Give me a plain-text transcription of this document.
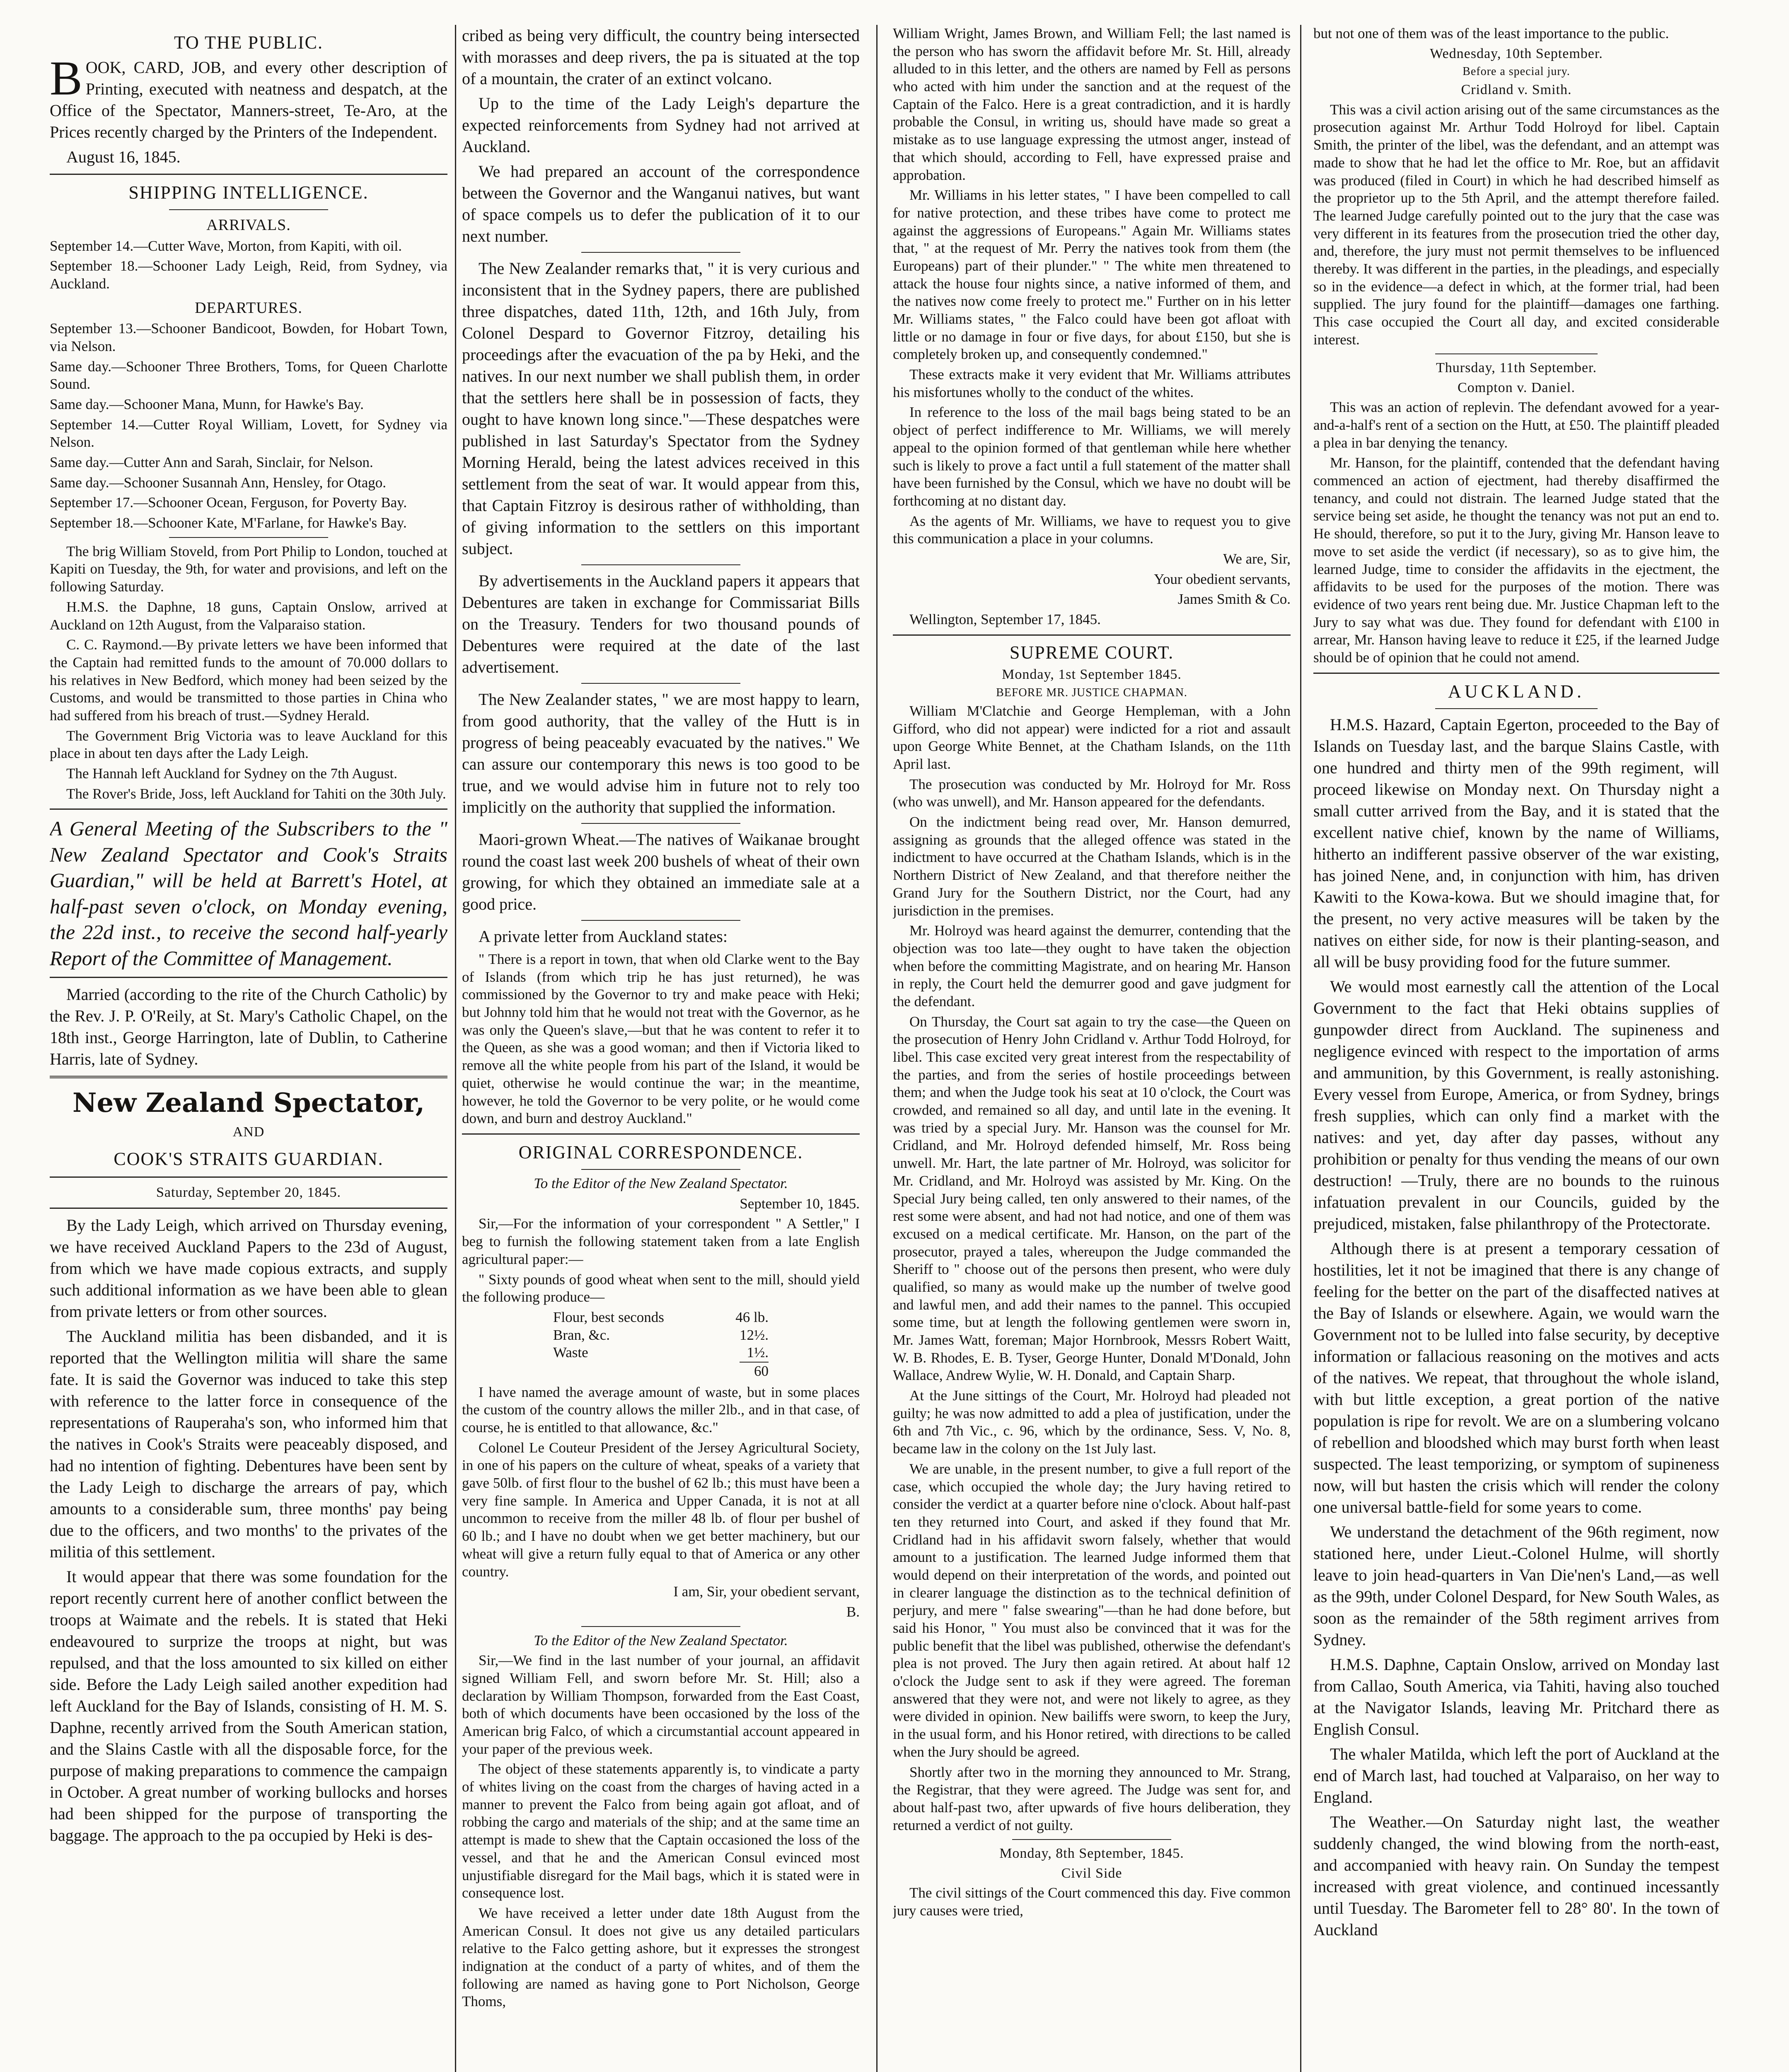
TO THE PUBLIC.
B OOK, CARD, JOB, and every other description of Printing, executed with neatness and despatch, at the Office of the Spectator, Manners-street, Te-Aro, at the Prices recently charged by the Printers of the Independent.

August 16, 1845.

SHIPPING INTELLIGENCE.
ARRIVALS.

September 14.—Cutter Wave, Morton, from Kapiti, with oil.

September 18.—Schooner Lady Leigh, Reid, from Sydney, via Auckland.

DEPARTURES.

September 13.—Schooner Bandicoot, Bowden, for Hobart Town, via Nelson.

Same day.—Schooner Three Brothers, Toms, for Queen Charlotte Sound.

Same day.—Schooner Mana, Munn, for Hawke's Bay.

September 14.—Cutter Royal William, Lovett, for Sydney via Nelson.

Same day.—Cutter Ann and Sarah, Sinclair, for Nelson.

Same day.—Schooner Susannah Ann, Hensley, for Otago.

September 17.—Schooner Ocean, Ferguson, for Poverty Bay.

September 18.—Schooner Kate, M'Farlane, for Hawke's Bay.

The brig William Stoveld, from Port Philip to London, touched at Kapiti on Tuesday, the 9th, for water and provisions, and left on the following Saturday.

H.M.S. the Daphne, 18 guns, Captain Onslow, arrived at Auckland on 12th August, from the Valparaiso station.

C. C. Raymond.—By private letters we have been informed that the Captain had remitted funds to the amount of 70.000 dollars to his relatives in New Bedford, which money had been seized by the Customs, and would be transmitted to those parties in China who had suffered from his breach of trust.—Sydney Herald.

The Government Brig Victoria was to leave Auckland for this place in about ten days after the Lady Leigh.

The Hannah left Auckland for Sydney on the 7th August.

The Rover's Bride, Joss, left Auckland for Tahiti on the 30th July.

A General Meeting of the Subscribers to the " New Zealand Spectator and Cook's Straits Guardian," will be held at Barrett's Hotel, at half-past seven o'clock, on Monday evening, the 22d inst., to receive the second half-yearly Report of the Committee of Management.

Married (according to the rite of the Church Catholic) by the Rev. J. P. O'Reily, at St. Mary's Catholic Chapel, on the 18th inst., George Harrington, late of Dublin, to Catherine Harris, late of Sydney.

New Zealand Spectator,
AND
COOK'S STRAITS GUARDIAN.
Saturday, September 20, 1845.

By the Lady Leigh, which arrived on Thursday evening, we have received Auckland Papers to the 23d of August, from which we have made copious extracts, and supply such additional information as we have been able to glean from private letters or from other sources.

The Auckland militia has been disbanded, and it is reported that the Wellington militia will share the same fate. It is said the Governor was induced to take this step with reference to the latter force in consequence of the representations of Rauperaha's son, who informed him that the natives in Cook's Straits were peaceably disposed, and had no intention of fighting. Debentures have been sent by the Lady Leigh to discharge the arrears of pay, which amounts to a considerable sum, three months' pay being due to the officers, and two months' to the privates of the militia of this settlement.

It would appear that there was some foundation for the report recently current here of another conflict between the troops at Waimate and the rebels. It is stated that Heki endeavoured to surprize the troops at night, but was repulsed, and that the loss amounted to six killed on either side. Before the Lady Leigh sailed another expedition had left Auckland for the Bay of Islands, consisting of H. M. S. Daphne, recently arrived from the South American station, and the Slains Castle with all the disposable force, for the purpose of making preparations to commence the campaign in October. A great number of working bullocks and horses had been shipped for the purpose of transporting the baggage. The approach to the pa occupied by Heki is des-

cribed as being very difficult, the country being intersected with morasses and deep rivers, the pa is situated at the top of a mountain, the crater of an extinct volcano.

Up to the time of the Lady Leigh's departure the expected reinforcements from Sydney had not arrived at Auckland.

We had prepared an account of the correspondence between the Governor and the Wanganui natives, but want of space compels us to defer the publication of it to our next number.

The New Zealander remarks that, " it is very curious and inconsistent that in the Sydney papers, there are published three dispatches, dated 11th, 12th, and 16th July, from Colonel Despard to Governor Fitzroy, detailing his proceedings after the evacuation of the pa by Heki, and the natives. In our next number we shall publish them, in order that the settlers here shall be in possession of facts, they ought to have known long since."—These despatches were published in last Saturday's Spectator from the Sydney Morning Herald, being the latest advices received in this settlement from the seat of war. It would appear from this, that Captain Fitzroy is desirous rather of withholding, than of giving information to the settlers on this important subject.

By advertisements in the Auckland papers it appears that Debentures are taken in exchange for Commissariat Bills on the Treasury. Tenders for two thousand pounds of Debentures were required at the date of the last advertisement.

The New Zealander states, " we are most happy to learn, from good authority, that the valley of the Hutt is in progress of being peaceably evacuated by the natives." We can assure our contemporary this news is too good to be true, and we would advise him in future not to rely too implicitly on the authority that supplied the information.

Maori-grown Wheat.—The natives of Waikanae brought round the coast last week 200 bushels of wheat of their own growing, for which they obtained an immediate sale at a good price.

A private letter from Auckland states:

" There is a report in town, that when old Clarke went to the Bay of Islands (from which trip he has just returned), he was commissioned by the Governor to try and make peace with Heki; but Johnny told him that he would not treat with the Governor, as he was only the Queen's slave,—but that he was content to refer it to the Queen, as she was a good woman; and then if Victoria liked to remove all the white people from his part of the Island, it would be quiet, otherwise he would continue the war; in the meantime, however, he told the Governor to be very polite, or he would come down, and burn and destroy Auckland."

ORIGINAL CORRESPONDENCE.

To the Editor of the New Zealand Spectator.

September 10, 1845.

Sir,—For the information of your correspondent " A Settler," I beg to furnish the following statement taken from a late English agricultural paper:—

" Sixty pounds of good wheat when sent to the mill, should yield the following produce—

Flour, best seconds	46 lb.
Bran, &c.	12½.
Waste	1½.
60

I have named the average amount of waste, but in some places the custom of the country allows the miller 2lb., and in that case, of course, he is entitled to that allowance, &c."

Colonel Le Couteur President of the Jersey Agricultural Society, in one of his papers on the culture of wheat, speaks of a variety that gave 50lb. of first flour to the bushel of 62 lb.; this must have been a very fine sample. In America and Upper Canada, it is not at all uncommon to receive from the miller 48 lb. of flour per bushel of 60 lb.; and I have no doubt when we get better machinery, but our wheat will give a return fully equal to that of America or any other country.

I am, Sir, your obedient servant,

B.

To the Editor of the New Zealand Spectator.

Sir,—We find in the last number of your journal, an affidavit signed William Fell, and sworn before Mr. St. Hill; also a declaration by William Thompson, forwarded from the East Coast, both of which documents have been occasioned by the loss of the American brig Falco, of which a circumstantial account appeared in your paper of the previous week.

The object of these statements apparently is, to vindicate a party of whites living on the coast from the charges of having acted in a manner to prevent the Falco from being again got afloat, and of robbing the cargo and materials of the ship; and at the same time an attempt is made to shew that the Captain occasioned the loss of the vessel, and that he and the American Consul evinced most unjustifiable disregard for the Mail bags, which it is stated were in consequence lost.

We have received a letter under date 18th August from the American Consul. It does not give us any detailed particulars relative to the Falco getting ashore, but it expresses the strongest indignation at the conduct of a party of whites, and of them the following are named as having gone to Port Nicholson, George Thoms,

William Wright, James Brown, and William Fell; the last named is the person who has sworn the affidavit before Mr. St. Hill, already alluded to in this letter, and the others are named by Fell as persons who acted with him under the sanction and at the request of the Captain of the Falco. Here is a great contradiction, and it is hardly probable the Consul, in writing us, should have made so great a mistake as to use language expressing the utmost anger, instead of that which should, according to Fell, have expressed praise and approbation.

Mr. Williams in his letter states, " I have been compelled to call for native protection, and these tribes have come to protect me against the aggressions of Europeans." Again Mr. Williams states that, " at the request of Mr. Perry the natives took from them (the Europeans) part of their plunder." " The white men threatened to attack the house four nights since, a native informed of them, and the natives now come freely to protect me." Further on in his letter Mr. Williams states, " the Falco could have been got afloat with little or no damage in four or five days, for about £150, but she is completely broken up, and consequently condemned."

These extracts make it very evident that Mr. Williams attributes his misfortunes wholly to the conduct of the whites.

In reference to the loss of the mail bags being stated to be an object of perfect indifference to Mr. Williams, we will merely appeal to the opinion formed of that gentleman while here whether such is likely to prove a fact until a full statement of the matter shall have been furnished by the Consul, which we have no doubt will be forthcoming at no distant day.

As the agents of Mr. Williams, we have to request you to give this communication a place in your columns.

We are, Sir,

Your obedient servants,

James Smith & Co.

Wellington, September 17, 1845.

SUPREME COURT.
Monday, 1st September 1845.
BEFORE MR. JUSTICE CHAPMAN.

William M'Clatchie and George Hempleman, with a John Gifford, who did not appear) were indicted for a riot and assault upon George White Bennet, at the Chatham Islands, on the 11th April last.

The prosecution was conducted by Mr. Holroyd for Mr. Ross (who was unwell), and Mr. Hanson appeared for the defendants.

On the indictment being read over, Mr. Hanson demurred, assigning as grounds that the alleged offence was stated in the indictment to have occurred at the Chatham Islands, which is in the Northern District of New Zealand, and that therefore neither the Grand Jury for the Southern District, nor the Court, had any jurisdiction in the premises.

Mr. Holroyd was heard against the demurrer, contending that the objection was too late—they ought to have taken the objection when before the committing Magistrate, and on hearing Mr. Hanson in reply, the Court held the demurrer good and gave judgment for the defendant.

On Thursday, the Court sat again to try the case—the Queen on the prosecution of Henry John Cridland v. Arthur Todd Holroyd, for libel. This case excited very great interest from the respectability of the parties, and from the series of hostile proceedings between them; and when the Judge took his seat at 10 o'clock, the Court was crowded, and remained so all day, and until late in the evening. It was tried by a special Jury. Mr. Hanson was the counsel for Mr. Cridland, and Mr. Holroyd defended himself, Mr. Ross being unwell. Mr. Hart, the late partner of Mr. Holroyd, was solicitor for Mr. Cridland, and Mr. Holroyd was assisted by Mr. King. On the Special Jury being called, ten only answered to their names, of the rest some were absent, and had not had notice, and one of them was excused on a medical certificate. Mr. Hanson, on the part of the prosecutor, prayed a tales, whereupon the Judge commanded the Sheriff to " choose out of the persons then present, who were duly qualified, so many as would make up the number of twelve good and lawful men, and add their names to the pannel. This occupied some time, but at length the following gentlemen were sworn in, Mr. James Watt, foreman; Major Hornbrook, Messrs Robert Waitt, W. B. Rhodes, E. B. Tyser, George Hunter, Donald M'Donald, John Wallace, Andrew Wylie, W. H. Donald, and Captain Sharp.

At the June sittings of the Court, Mr. Holroyd had pleaded not guilty; he was now admitted to add a plea of justification, under the 6th and 7th Vic., c. 96, which by the ordinance, Sess. V, No. 8, became law in the colony on the 1st July last.

We are unable, in the present number, to give a full report of the case, which occupied the whole day; the Jury having retired to consider the verdict at a quarter before nine o'clock. About half-past ten they returned into Court, and asked if they found that Mr. Cridland had in his affidavit sworn falsely, whether that would amount to a justification. The learned Judge informed them that would depend on their interpretation of the words, and pointed out in clearer language the distinction as to the technical definition of perjury, and mere " false swearing"—than he had done before, but said his Honor, " You must also be convinced that it was for the public benefit that the libel was published, otherwise the defendant's plea is not proved. The Jury then again retired. At about half 12 o'clock the Judge sent to ask if they were agreed. The foreman answered that they were not, and were not likely to agree, as they were divided in opinion. New bailiffs were sworn, to keep the Jury, in the usual form, and his Honor retired, with directions to be called when the Jury should be agreed.

Shortly after two in the morning they announced to Mr. Strang, the Registrar, that they were agreed. The Judge was sent for, and about half-past two, after upwards of five hours deliberation, they returned a verdict of not guilty.

Monday, 8th September, 1845.
Civil Side

The civil sittings of the Court commenced this day. Five common jury causes were tried,

but not one of them was of the least importance to the public.

Wednesday, 10th September.
Before a special jury.
Cridland v. Smith.

This was a civil action arising out of the same circumstances as the prosecution against Mr. Arthur Todd Holroyd for libel. Captain Smith, the printer of the libel, was the defendant, and an attempt was made to show that he had let the office to Mr. Roe, but an affidavit was produced (filed in Court) in which he had described himself as the proprietor up to the 5th April, and the attempt therefore failed. The learned Judge carefully pointed out to the jury that the case was very different in its features from the prosecution tried the other day, and, therefore, the jury must not permit themselves to be influenced thereby. It was different in the parties, in the pleadings, and especially so in the evidence—a defect in which, at the former trial, had been supplied. The jury found for the plaintiff—damages one farthing. This case occupied the Court all day, and excited considerable interest.

Thursday, 11th September.
Compton v. Daniel.

This was an action of replevin. The defendant avowed for a year-and-a-half's rent of a section on the Hutt, at £50. The plaintiff pleaded a plea in bar denying the tenancy.

Mr. Hanson, for the plaintiff, contended that the defendant having commenced an action of ejectment, had thereby disaffirmed the tenancy, and could not distrain. The learned Judge stated that the service being set aside, he thought the tenancy was not put an end to. He should, therefore, so put it to the Jury, giving Mr. Hanson leave to move to set aside the verdict (if necessary), so as to give him, the learned Judge, time to consider the affidavits in the ejectment, the affidavits to be used for the purposes of the motion. There was evidence of two years rent being due. Mr. Justice Chapman left to the Jury to say what was due. They found for defendant with £100 in arrear, Mr. Hanson having leave to reduce it £25, if the learned Judge should be of opinion that he could not amend.

AUCKLAND.

H.M.S. Hazard, Captain Egerton, proceeded to the Bay of Islands on Tuesday last, and the barque Slains Castle, with one hundred and thirty men of the 99th regiment, will proceed likewise on Monday next. On Thursday night a small cutter arrived from the Bay, and it is stated that the excellent native chief, known by the name of Williams, hitherto an indifferent passive observer of the war existing, has joined Nene, and, in conjunction with him, has driven Kawiti to the Kowa-kowa. But we should imagine that, for the present, no very active measures will be taken by the natives on either side, for now is their planting-season, and all will be busy providing food for the future summer.

We would most earnestly call the attention of the Local Government to the fact that Heki obtains supplies of gunpowder direct from Auckland. The supineness and negligence evinced with respect to the importation of arms and ammunition, by this Government, is really astonishing. Every vessel from Europe, America, or from Sydney, brings fresh supplies, which can only find a market with the natives: and yet, day after day passes, without any prohibition or penalty for thus vending the means of our own destruction! —Truly, there are no bounds to the ruinous infatuation prevalent in our Councils, guided by the prejudiced, mistaken, false philanthropy of the Protectorate.

Although there is at present a temporary cessation of hostilities, let it not be imagined that there is any change of feeling for the better on the part of the disaffected natives at the Bay of Islands or elsewhere. Again, we would warn the Government not to be lulled into false security, by deceptive information or fallacious reasoning on the motives and acts of the natives. We repeat, that throughout the whole island, with but little exception, a great portion of the native population is ripe for revolt. We are on a slumbering volcano of rebellion and bloodshed which may burst forth when least suspected. The least temporizing, or symptom of supineness now, will but hasten the crisis which will render the colony one universal battle-field for some years to come.

We understand the detachment of the 96th regiment, now stationed here, under Lieut.-Colonel Hulme, will shortly leave to join head-quarters in Van Die'nen's Land,—as well as the 99th, under Colonel Despard, for New South Wales, as soon as the remainder of the 58th regiment arrives from Sydney.

H.M.S. Daphne, Captain Onslow, arrived on Monday last from Callao, South America, via Tahiti, having also touched at the Navigator Islands, leaving Mr. Pritchard there as English Consul.

The whaler Matilda, which left the port of Auckland at the end of March last, had touched at Valparaiso, on her way to England.

The Weather.—On Saturday night last, the weather suddenly changed, the wind blowing from the north-east, and accompanied with heavy rain. On Sunday the tempest increased with great violence, and continued incessantly until Tuesday. The Barometer fell to 28° 80'. In the town of Auckland
